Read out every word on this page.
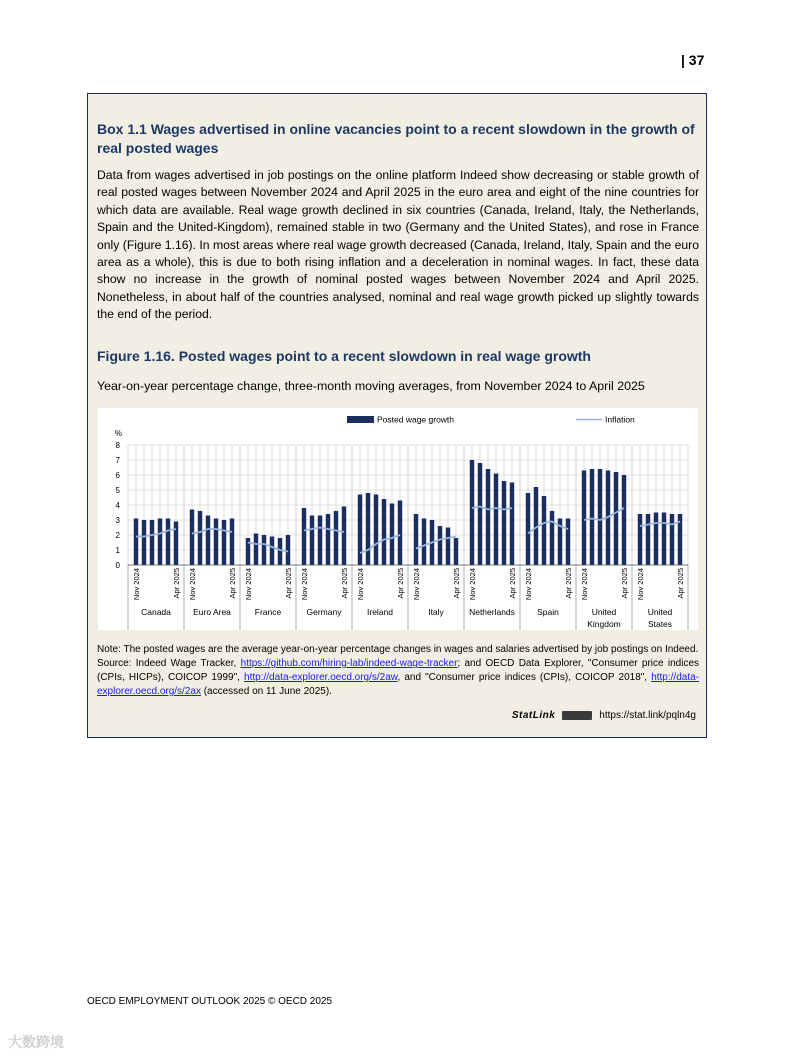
| 37
Box 1.1 Wages advertised in online vacancies point to a recent slowdown in the growth of real posted wages
Data from wages advertised in job postings on the online platform Indeed show decreasing or stable growth of real posted wages between November 2024 and April 2025 in the euro area and eight of the nine countries for which data are available. Real wage growth declined in six countries (Canada, Ireland, Italy, the Netherlands, Spain and the United-Kingdom), remained stable in two (Germany and the United States), and rose in France only (Figure 1.16). In most areas where real wage growth decreased (Canada, Ireland, Italy, Spain and the euro area as a whole), this is due to both rising inflation and a deceleration in nominal wages. In fact, these data show no increase in the growth of nominal posted wages between November 2024 and April 2025. Nonetheless, in about half of the countries analysed, nominal and real wage growth picked up slightly towards the end of the period.
Figure 1.16. Posted wages point to a recent slowdown in real wage growth
Year-on-year percentage change, three-month moving averages, from November 2024 to April 2025
0
1
2
3
4
5
6
7
8
%
Posted wage growth	Inflation
Nov 2024	Apr 2025
Canada
Nov 2024	Apr 2025
Euro Area
Nov 2024	Apr 2025
France
Nov 2024	Apr 2025
Germany
Nov 2024	Apr 2025
Ireland
Nov 2024	Apr 2025
Italy
Nov 2024	Apr 2025
Netherlands
Nov 2024	Apr 2025
Spain
Nov 2024	Apr 2025
United
Kingdom
Nov 2024	Apr 2025
United
States
Note: The posted wages are the average year-on-year percentage changes in wages and salaries advertised by job postings on Indeed.
Source: Indeed Wage Tracker, https://github.com/hiring-lab/indeed-wage-tracker; and OECD Data Explorer, "Consumer price indices (CPIs, HICPs), COICOP 1999", http://data-explorer.oecd.org/s/2aw, and "Consumer price indices (CPIs), COICOP 2018", http://data-explorer.oecd.org/s/2ax (accessed on 11 June 2025).
StatLink	https://stat.link/pqln4g
OECD EMPLOYMENT OUTLOOK 2025 © OECD 2025
大数跨境
